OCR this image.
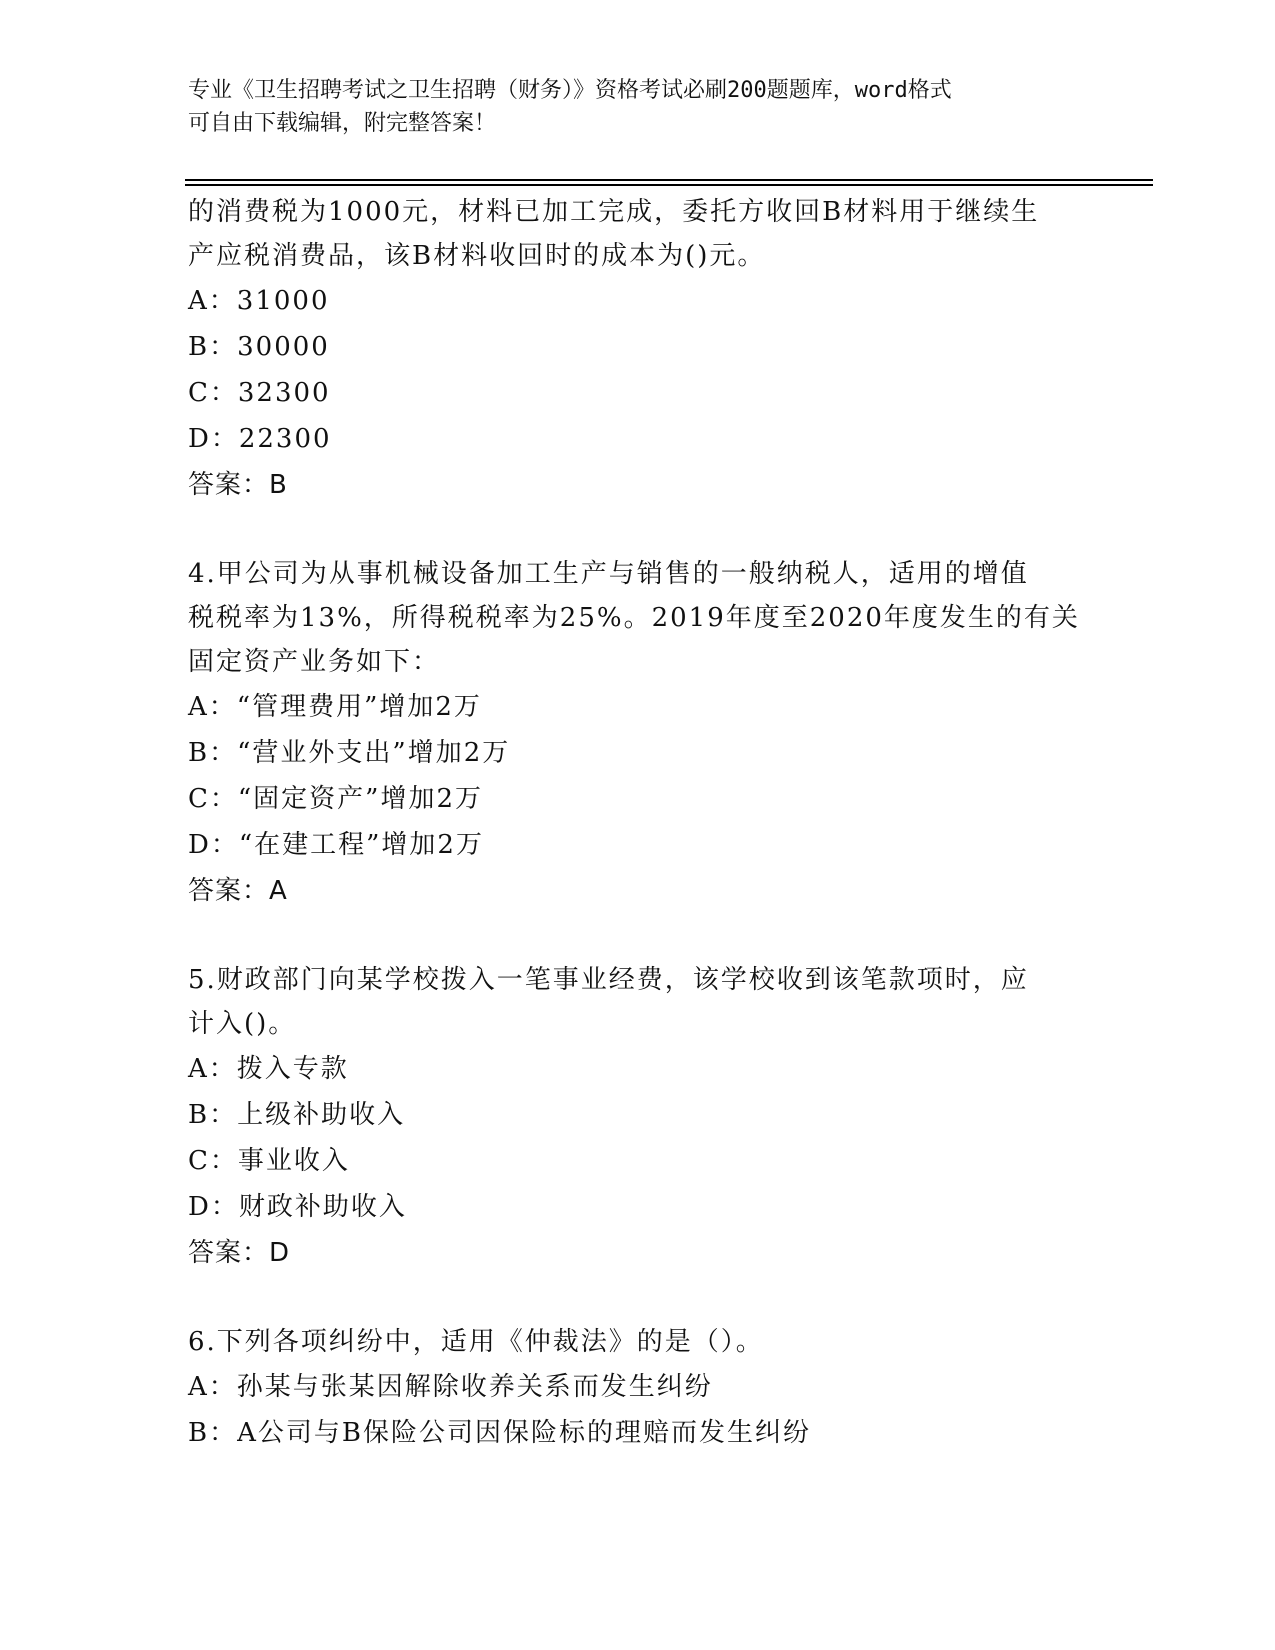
专业《卫生招聘考试之卫生招聘（财务）》资格考试必刷200题题库，word格式
可自由下载编辑，附完整答案！

的消费税为1000元，材料已加工完成，委托方收回B材料用于继续生

产应税消费品，该B材料收回时的成本为()元。

A：31000

B：30000

C：32300

D：22300

答案：B

4.甲公司为从事机械设备加工生产与销售的一般纳税人，适用的增值

税税率为13%，所得税税率为25%。2019年度至2020年度发生的有关

固定资产业务如下：

A：“管理费用”增加2万

B：“营业外支出”增加2万

C：“固定资产”增加2万

D：“在建工程”增加2万

答案：A

5.财政部门向某学校拨入一笔事业经费，该学校收到该笔款项时，应

计入()。

A：拨入专款

B：上级补助收入

C：事业收入

D：财政补助收入

答案：D

6.下列各项纠纷中，适用《仲裁法》的是（）。

A：孙某与张某因解除收养关系而发生纠纷

B：A公司与B保险公司因保险标的理赔而发生纠纷
